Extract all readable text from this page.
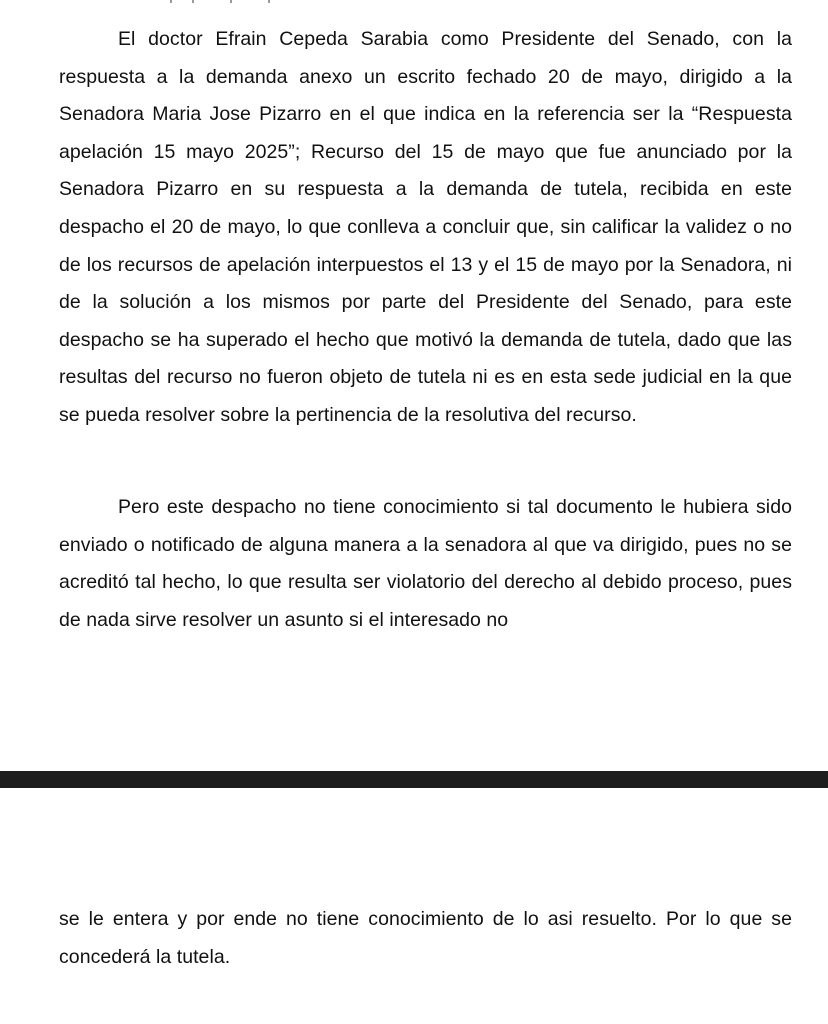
El doctor Efrain Cepeda Sarabia como Presidente del Senado, con la respuesta a la demanda anexo un escrito fechado 20 de mayo, dirigido a la Senadora Maria Jose Pizarro en el que indica en la referencia ser la “Respuesta apelación 15 mayo 2025”; Recurso del 15 de mayo que fue anunciado por la Senadora Pizarro en su respuesta a la demanda de tutela, recibida en este despacho el 20 de mayo, lo que conlleva a concluir que, sin calificar la validez o no de los recursos de apelación interpuestos el 13 y el 15 de mayo por la Senadora, ni de la solución a los mismos por parte del Presidente del Senado, para este despacho se ha superado el hecho que motivó la demanda de tutela, dado que las resultas del recurso no fueron objeto de tutela ni es en esta sede judicial en la que se pueda resolver sobre la pertinencia de la resolutiva del recurso.

Pero este despacho no tiene conocimiento si tal documento le hubiera sido enviado o notificado de alguna manera a la senadora al que va dirigido, pues no se acreditó tal hecho, lo que resulta ser violatorio del derecho al debido proceso, pues de nada sirve resolver un asunto si el interesado no

se le entera y por ende no tiene conocimiento de lo asi resuelto. Por lo que se concederá la tutela.
